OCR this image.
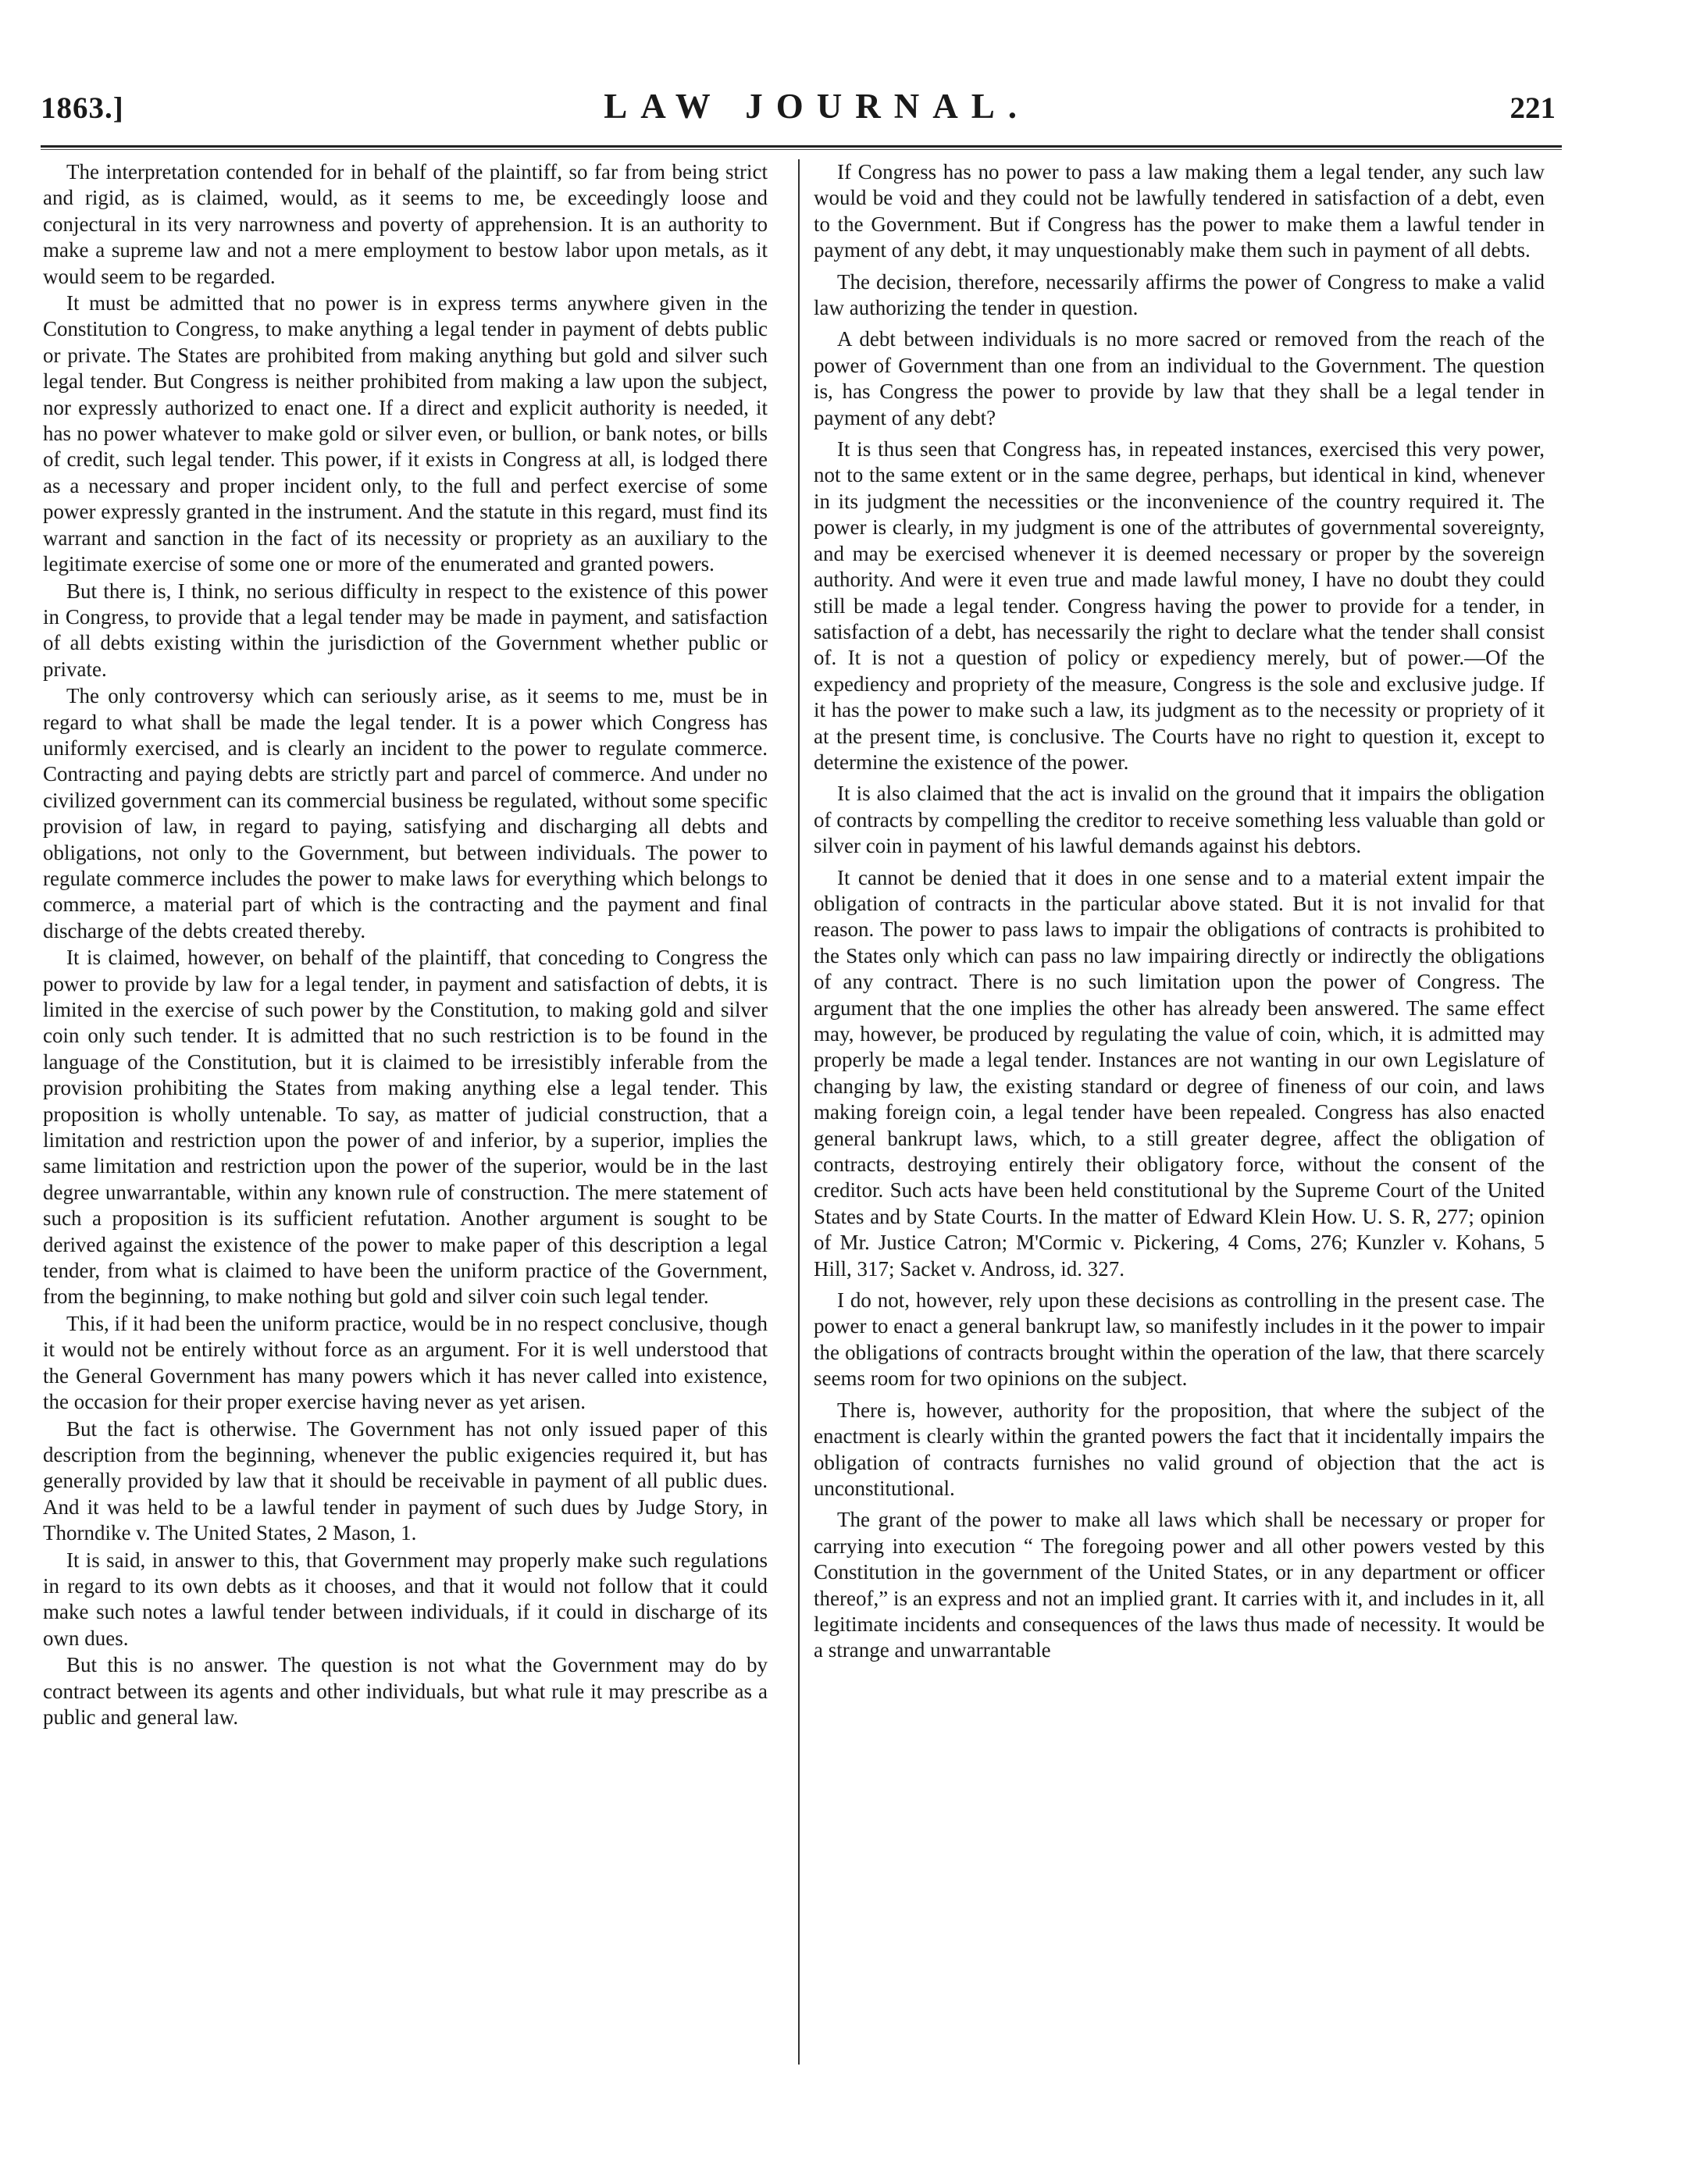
1863.]	LAW JOURNAL.	221

The interpretation contended for in behalf of the plaintiff, so far from being strict and rigid, as is claimed, would, as it seems to me, be exceedingly loose and conjectural in its very narrowness and poverty of apprehension. It is an authority to make a supreme law and not a mere employment to bestow labor upon metals, as it would seem to be regarded.

It must be admitted that no power is in express terms anywhere given in the Constitution to Congress, to make anything a legal tender in payment of debts public or private. The States are prohibited from making anything but gold and silver such legal tender. But Congress is neither prohibited from making a law upon the subject, nor expressly authorized to enact one. If a direct and explicit authority is needed, it has no power whatever to make gold or silver even, or bullion, or bank notes, or bills of credit, such legal tender. This power, if it exists in Congress at all, is lodged there as a necessary and proper incident only, to the full and perfect exercise of some power expressly granted in the instrument. And the statute in this regard, must find its warrant and sanction in the fact of its necessity or propriety as an auxiliary to the legitimate exercise of some one or more of the enumerated and granted powers.

But there is, I think, no serious difficulty in respect to the existence of this power in Congress, to provide that a legal tender may be made in payment, and satisfaction of all debts existing within the jurisdiction of the Government whether public or private.

The only controversy which can seriously arise, as it seems to me, must be in regard to what shall be made the legal tender. It is a power which Congress has uniformly exercised, and is clearly an incident to the power to regulate commerce. Contracting and paying debts are strictly part and parcel of commerce. And under no civilized government can its commercial business be regulated, without some specific provision of law, in regard to paying, satisfying and discharging all debts and obligations, not only to the Government, but between individuals. The power to regulate commerce includes the power to make laws for everything which belongs to commerce, a material part of which is the contracting and the payment and final discharge of the debts created thereby.

It is claimed, however, on behalf of the plaintiff, that conceding to Congress the power to provide by law for a legal tender, in payment and satisfaction of debts, it is limited in the exercise of such power by the Constitution, to making gold and silver coin only such tender. It is admitted that no such restriction is to be found in the language of the Constitution, but it is claimed to be irresistibly inferable from the provision prohibiting the States from making anything else a legal tender. This proposition is wholly untenable. To say, as matter of judicial construction, that a limitation and restriction upon the power of and inferior, by a superior, implies the same limitation and restriction upon the power of the superior, would be in the last degree unwarrantable, within any known rule of construction. The mere statement of such a proposition is its sufficient refutation. Another argument is sought to be derived against the existence of the power to make paper of this description a legal tender, from what is claimed to have been the uniform practice of the Government, from the beginning, to make nothing but gold and silver coin such legal tender.

This, if it had been the uniform practice, would be in no respect conclusive, though it would not be entirely without force as an argument. For it is well understood that the General Government has many powers which it has never called into existence, the occasion for their proper exercise having never as yet arisen.

But the fact is otherwise. The Government has not only issued paper of this description from the beginning, whenever the public exigencies required it, but has generally provided by law that it should be receivable in payment of all public dues. And it was held to be a lawful tender in payment of such dues by Judge Story, in Thorndike v. The United States, 2 Mason, 1.

It is said, in answer to this, that Government may properly make such regulations in regard to its own debts as it chooses, and that it would not follow that it could make such notes a lawful tender between individuals, if it could in discharge of its own dues.

But this is no answer. The question is not what the Government may do by contract between its agents and other individuals, but what rule it may prescribe as a public and general law.

If Congress has no power to pass a law making them a legal tender, any such law would be void and they could not be lawfully tendered in satisfaction of a debt, even to the Government. But if Congress has the power to make them a lawful tender in payment of any debt, it may unquestionably make them such in payment of all debts.

The decision, therefore, necessarily affirms the power of Congress to make a valid law authorizing the tender in question.

A debt between individuals is no more sacred or removed from the reach of the power of Government than one from an individual to the Government. The question is, has Congress the power to provide by law that they shall be a legal tender in payment of any debt?

It is thus seen that Congress has, in repeated instances, exercised this very power, not to the same extent or in the same degree, perhaps, but identical in kind, whenever in its judgment the necessities or the inconvenience of the country required it. The power is clearly, in my judgment is one of the attributes of governmental sovereignty, and may be exercised whenever it is deemed necessary or proper by the sovereign authority. And were it even true and made lawful money, I have no doubt they could still be made a legal tender. Congress having the power to provide for a tender, in satisfaction of a debt, has necessarily the right to declare what the tender shall consist of. It is not a question of policy or expediency merely, but of power.—Of the expediency and propriety of the measure, Congress is the sole and exclusive judge. If it has the power to make such a law, its judgment as to the necessity or propriety of it at the present time, is conclusive. The Courts have no right to question it, except to determine the existence of the power.

It is also claimed that the act is invalid on the ground that it impairs the obligation of contracts by compelling the creditor to receive something less valuable than gold or silver coin in payment of his lawful demands against his debtors.

It cannot be denied that it does in one sense and to a material extent impair the obligation of contracts in the particular above stated. But it is not invalid for that reason. The power to pass laws to impair the obligations of contracts is prohibited to the States only which can pass no law impairing directly or indirectly the obligations of any contract. There is no such limitation upon the power of Congress. The argument that the one implies the other has already been answered. The same effect may, however, be produced by regulating the value of coin, which, it is admitted may properly be made a legal tender. Instances are not wanting in our own Legislature of changing by law, the existing standard or degree of fineness of our coin, and laws making foreign coin, a legal tender have been repealed. Congress has also enacted general bankrupt laws, which, to a still greater degree, affect the obligation of contracts, destroying entirely their obligatory force, without the consent of the creditor. Such acts have been held constitutional by the Supreme Court of the United States and by State Courts. In the matter of Edward Klein How. U. S. R, 277; opinion of Mr. Justice Catron; M'Cormic v. Pickering, 4 Coms, 276; Kunzler v. Kohans, 5 Hill, 317; Sacket v. Andross, id. 327.

I do not, however, rely upon these decisions as controlling in the present case. The power to enact a general bankrupt law, so manifestly includes in it the power to impair the obligations of contracts brought within the operation of the law, that there scarcely seems room for two opinions on the subject.

There is, however, authority for the proposition, that where the subject of the enactment is clearly within the granted powers the fact that it incidentally impairs the obligation of contracts furnishes no valid ground of objection that the act is unconstitutional.

The grant of the power to make all laws which shall be necessary or proper for carrying into execution “ The foregoing power and all other powers vested by this Constitution in the government of the United States, or in any department or officer thereof,” is an express and not an implied grant. It carries with it, and includes in it, all legitimate incidents and consequences of the laws thus made of necessity. It would be a strange and unwarrantable
